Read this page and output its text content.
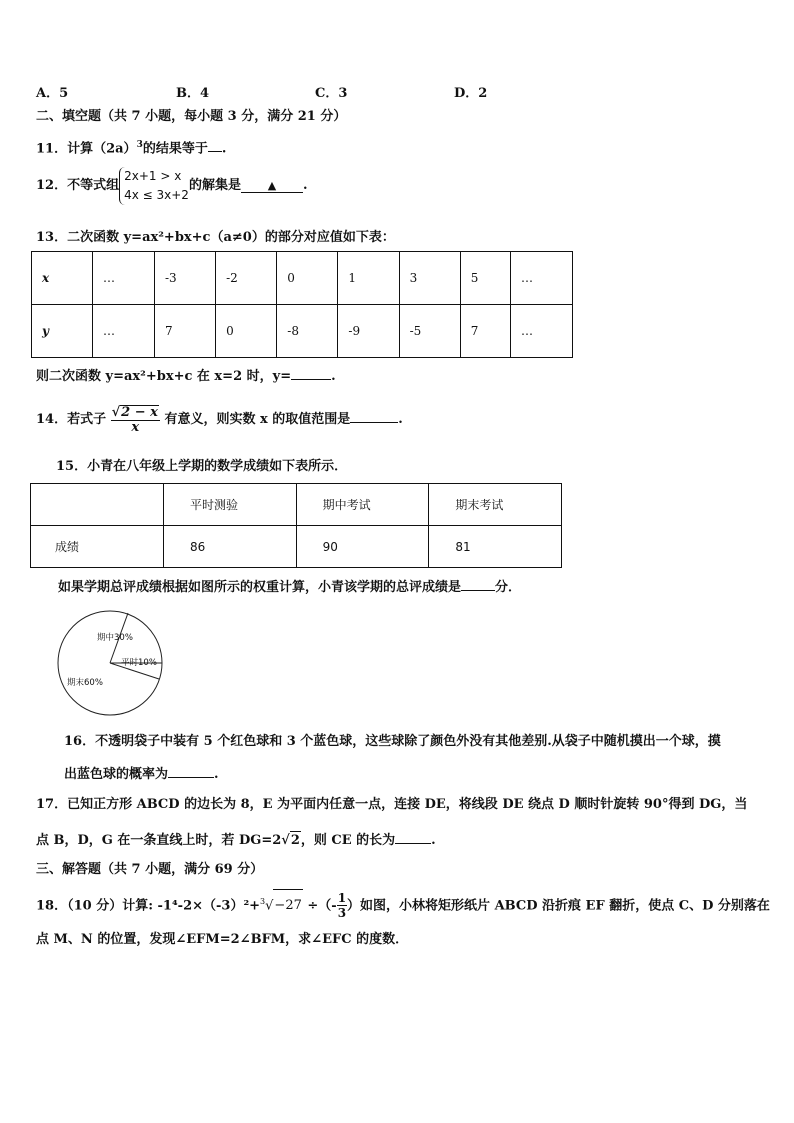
A．5	B．4	C．3	D．2
二、填空题（共 7 小题，每小题 3 分，满分 21 分）
11．计算$(2a)^3$的结果等于 .
12．不等式组
2x+1 > x
4x ≤ 3x+2
的解集是 ▲ .
13．二次函数 y=ax²+bx+c（a≠0）的部分对应值如下表：
x	…	-3	-2	0	1	3	5	…
y	…	7	0	-8	-9	-5	7	…
则二次函数 y=ax²+bx+c 在 x=2 时，y=	.
14．若式子 $\frac{√2 - x}{x}$ 有意义，则实数 x 的取值范围是	.
15．小青在八年级上学期的数学成绩如下表所示．
	平时测验	期中考试	期末考试
成绩	86	90	81
如果学期总评成绩根据如图所示的权重计算，小青该学期的总评成绩是	分．
期中30%
平时10%
期末60%
16．不透明袋子中装有 5 个红色球和 3 个蓝色球，这些球除了颜色外没有其他差别.从袋子中随机摸出一个球，摸
出蓝色球的概率为	.
17．已知正方形 ABCD 的边长为 8，E 为平面内任意一点，连接 DE，将线段 DE 绕点 D 顺时针旋转 90°得到 DG，当
点 B，D，G 在一条直线上时，若 DG=2√2，则 CE 的长为	.
三、解答题（共 7 小题，满分 69 分）
18．（10 分）计算: -1⁴-2×（-3）²+$^3$√−27 ÷（- $\frac{1}{3}$ ）如图，小林将矩形纸片 ABCD 沿折痕 EF 翻折，使点 C、D 分别落在
点 M、N 的位置，发现∠EFM=2∠BFM，求∠EFC 的度数．
